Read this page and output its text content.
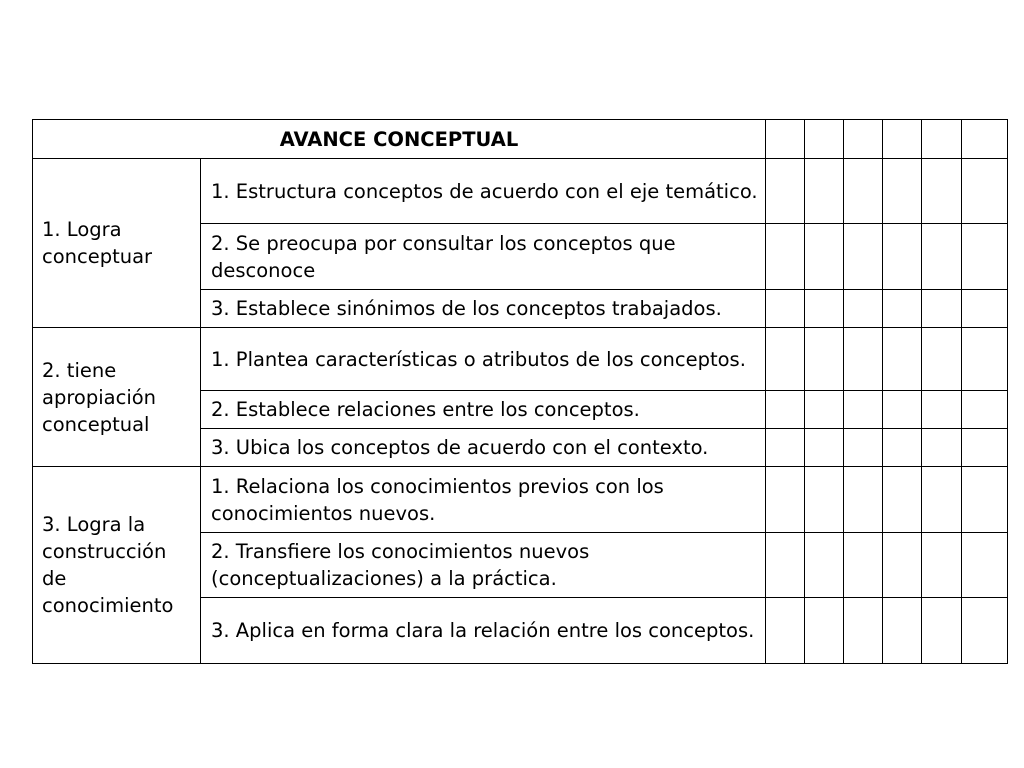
AVANCE CONCEPTUAL							
1. Logra conceptuar	1. Estructura conceptos de acuerdo con el eje temático.						
	2. Se preocupa por consultar los conceptos que desconoce						
	3. Establece sinónimos de los conceptos trabajados.						
2. tiene apropiación conceptual	1. Plantea características o atributos de los conceptos.						
	2. Establece relaciones entre los conceptos.						
	3. Ubica los conceptos de acuerdo con el contexto.						
3. Logra la construcción de conocimiento	1. Relaciona los conocimientos previos con los conocimientos nuevos.						
	2. Transfiere los conocimientos nuevos (conceptualizaciones) a la práctica.						
	3. Aplica en forma clara la relación entre los conceptos.						
